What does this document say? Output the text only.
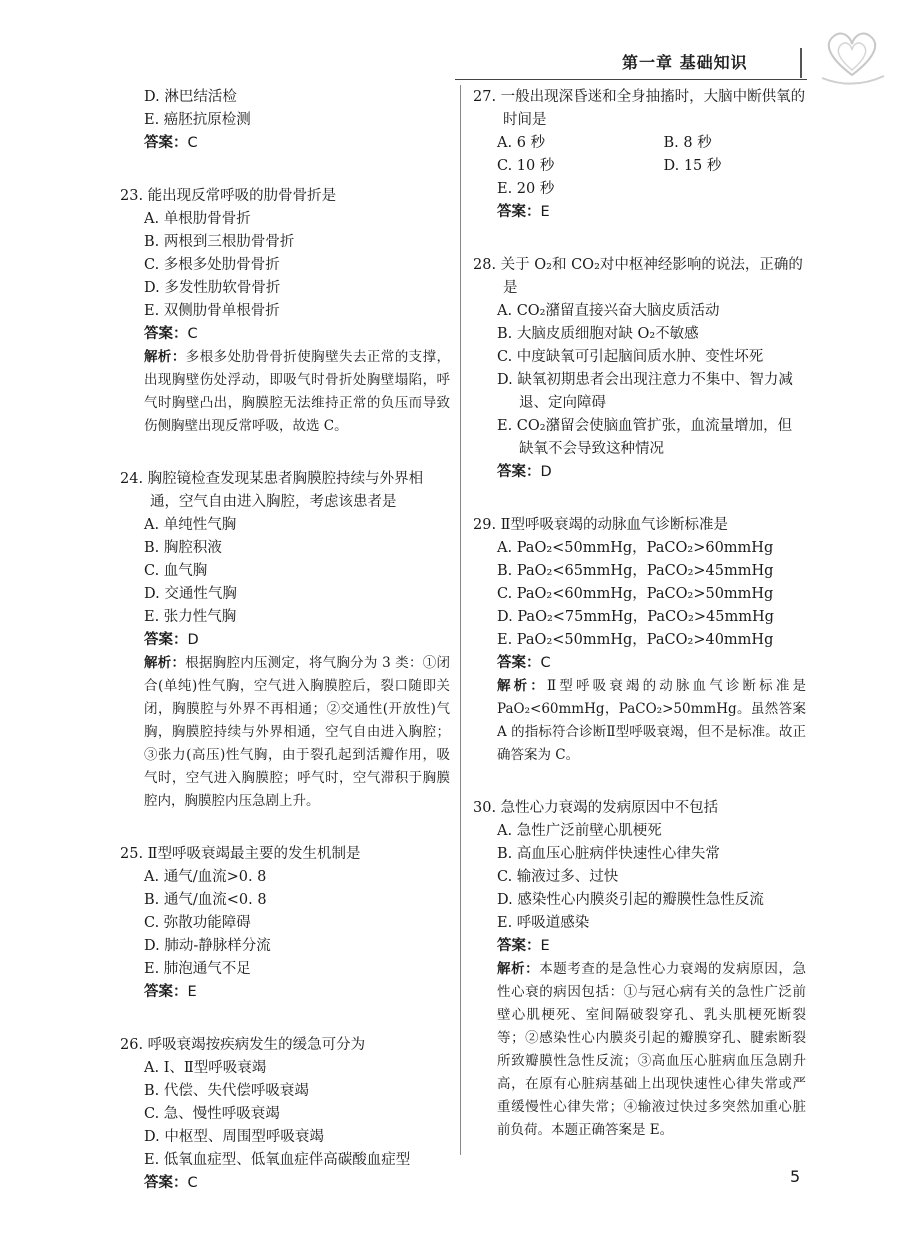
第一章 基础知识
D. 淋巴结活检
E. 癌胚抗原检测
答案：C
23. 能出现反常呼吸的肋骨骨折是
A. 单根肋骨骨折
B. 两根到三根肋骨骨折
C. 多根多处肋骨骨折
D. 多发性肋软骨骨折
E. 双侧肋骨单根骨折
答案：C
解析：多根多处肋骨骨折使胸壁失去正常的支撑，出现胸壁伤处浮动，即吸气时骨折处胸壁塌陷，呼气时胸壁凸出，胸膜腔无法维持正常的负压而导致伤侧胸壁出现反常呼吸，故选 C。
24. 胸腔镜检查发现某患者胸膜腔持续与外界相通，空气自由进入胸腔，考虑该患者是
A. 单纯性气胸
B. 胸腔积液
C. 血气胸
D. 交通性气胸
E. 张力性气胸
答案：D
解析：根据胸腔内压测定，将气胸分为 3 类：①闭合(单纯)性气胸，空气进入胸膜腔后，裂口随即关闭，胸膜腔与外界不再相通；②交通性(开放性)气胸，胸膜腔持续与外界相通，空气自由进入胸腔；③张力(高压)性气胸，由于裂孔起到活瓣作用，吸气时，空气进入胸膜腔；呼气时，空气滞积于胸膜腔内，胸膜腔内压急剧上升。
25. Ⅱ型呼吸衰竭最主要的发生机制是
A. 通气/血流>0. 8
B. 通气/血流<0. 8
C. 弥散功能障碍
D. 肺动-静脉样分流
E. 肺泡通气不足
答案：E
26. 呼吸衰竭按疾病发生的缓急可分为
A. Ⅰ、Ⅱ型呼吸衰竭
B. 代偿、失代偿呼吸衰竭
C. 急、慢性呼吸衰竭
D. 中枢型、周围型呼吸衰竭
E. 低氧血症型、低氧血症伴高碳酸血症型
答案：C
27. 一般出现深昏迷和全身抽搐时，大脑中断供氧的时间是
A. 6 秒	B. 8 秒
C. 10 秒	D. 15 秒
E. 20 秒
答案：E
28. 关于 O₂和 CO₂对中枢神经影响的说法，正确的是
A. CO₂潴留直接兴奋大脑皮质活动
B. 大脑皮质细胞对缺 O₂不敏感
C. 中度缺氧可引起脑间质水肿、变性坏死
D. 缺氧初期患者会出现注意力不集中、智力减退、定向障碍
E. CO₂潴留会使脑血管扩张，血流量增加，但缺氧不会导致这种情况
答案：D
29. Ⅱ型呼吸衰竭的动脉血气诊断标准是
A. PaO₂<50mmHg，PaCO₂>60mmHg
B. PaO₂<65mmHg，PaCO₂>45mmHg
C. PaO₂<60mmHg，PaCO₂>50mmHg
D. PaO₂<75mmHg，PaCO₂>45mmHg
E. PaO₂<50mmHg，PaCO₂>40mmHg
答案：C
解析：Ⅱ型呼吸衰竭的动脉血气诊断标准是 PaO₂<60mmHg，PaCO₂>50mmHg。虽然答案 A 的指标符合诊断Ⅱ型呼吸衰竭，但不是标准。故正确答案为 C。
30. 急性心力衰竭的发病原因中不包括
A. 急性广泛前壁心肌梗死
B. 高血压心脏病伴快速性心律失常
C. 输液过多、过快
D. 感染性心内膜炎引起的瓣膜性急性反流
E. 呼吸道感染
答案：E
解析：本题考查的是急性心力衰竭的发病原因，急性心衰的病因包括：①与冠心病有关的急性广泛前壁心肌梗死、室间隔破裂穿孔、乳头肌梗死断裂等；②感染性心内膜炎引起的瓣膜穿孔、腱索断裂所致瓣膜性急性反流；③高血压心脏病血压急剧升高，在原有心脏病基础上出现快速性心律失常或严重缓慢性心律失常；④输液过快过多突然加重心脏前负荷。本题正确答案是 E。
5
